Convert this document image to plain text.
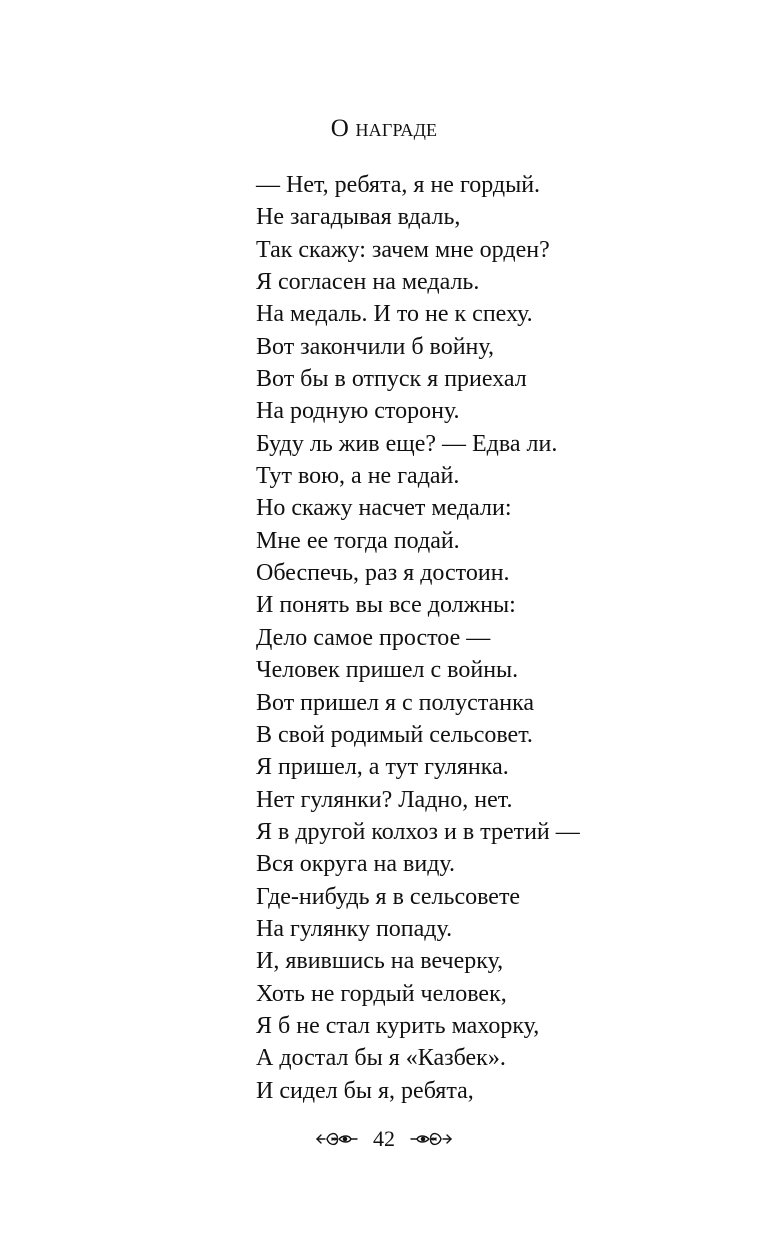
О награде
— Нет, ребята, я не гордый.
Не загадывая вдаль,
Так скажу: зачем мне орден?
Я согласен на медаль.
На медаль. И то не к спеху.
Вот закончили б войну,
Вот бы в отпуск я приехал
На родную сторону.
Буду ль жив еще? — Едва ли.
Тут вою, а не гадай.
Но скажу насчет медали:
Мне ее тогда подай.
Обеспечь, раз я достоин.
И понять вы все должны:
Дело самое простое —
Человек пришел с войны.
Вот пришел я с полустанка
В свой родимый сельсовет.
Я пришел, а тут гулянка.
Нет гулянки? Ладно, нет.
Я в другой колхоз и в третий —
Вся округа на виду.
Где-нибудь я в сельсовете
На гулянку попаду.
И, явившись на вечерку,
Хоть не гордый человек,
Я б не стал курить махорку,
А достал бы я «Казбек».
И сидел бы я, ребята,
42
